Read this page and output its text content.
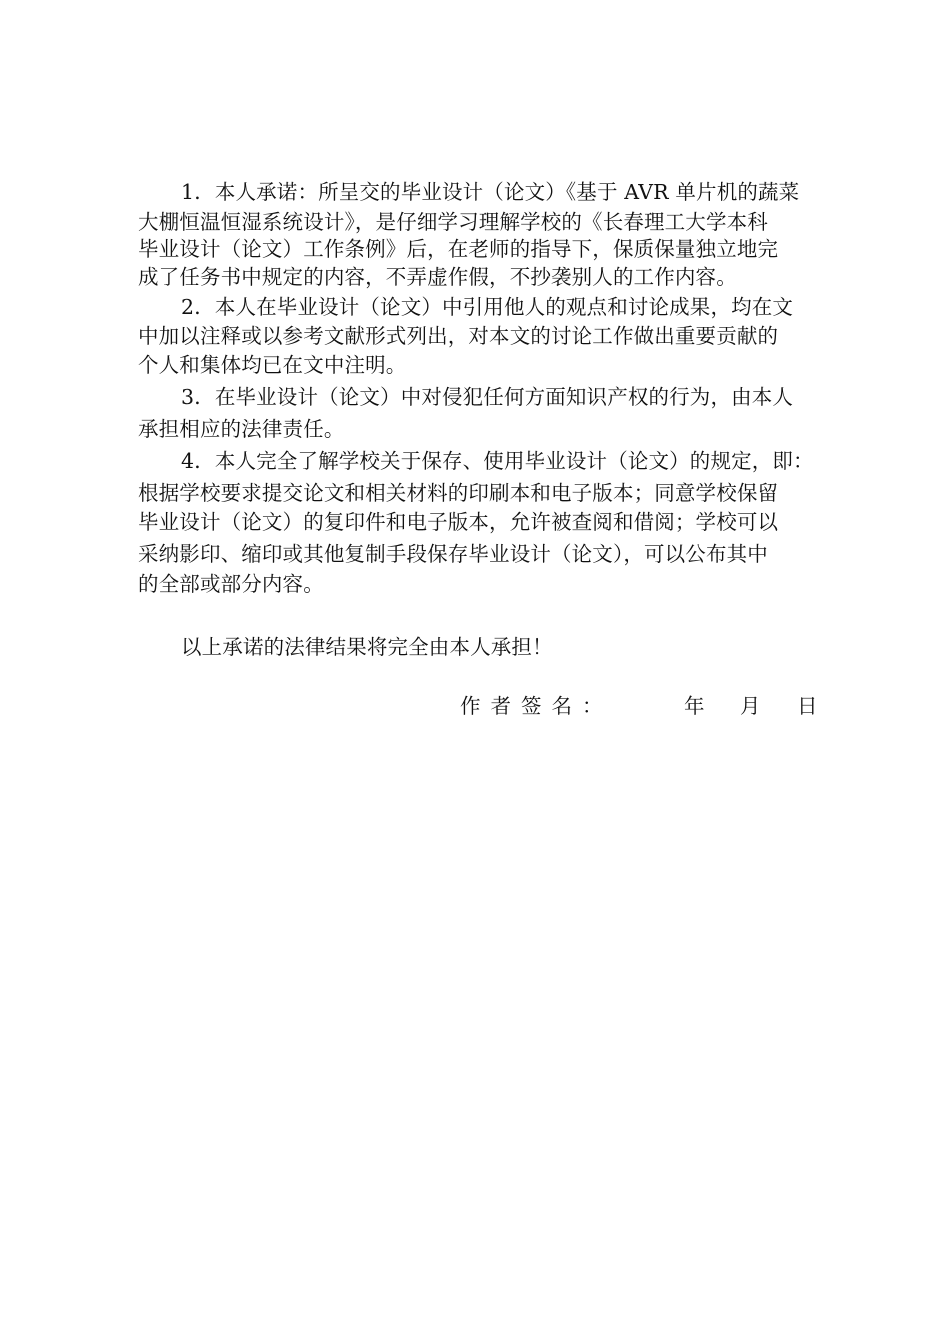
1．本人承诺：所呈交的毕业设计（论文）《基于 AVR 单片机的蔬菜
大棚恒温恒湿系统设计》，是仔细学习理解学校的《长春理工大学本科
毕业设计（论文）工作条例》后，在老师的指导下，保质保量独立地完
成了任务书中规定的内容，不弄虚作假，不抄袭别人的工作内容。
2．本人在毕业设计（论文）中引用他人的观点和讨论成果，均在文
中加以注释或以参考文献形式列出，对本文的讨论工作做出重要贡献的
个人和集体均已在文中注明。
3．在毕业设计（论文）中对侵犯任何方面知识产权的行为，由本人
承担相应的法律责任。
4．本人完全了解学校关于保存、使用毕业设计（论文）的规定，即：
根据学校要求提交论文和相关材料的印刷本和电子版本；同意学校保留
毕业设计（论文）的复印件和电子版本，允许被查阅和借阅；学校可以
采纳影印、缩印或其他复制手段保存毕业设计（论文），可以公布其中
的全部或部分内容。
以上承诺的法律结果将完全由本人承担！
作者签名：	年 月 日
